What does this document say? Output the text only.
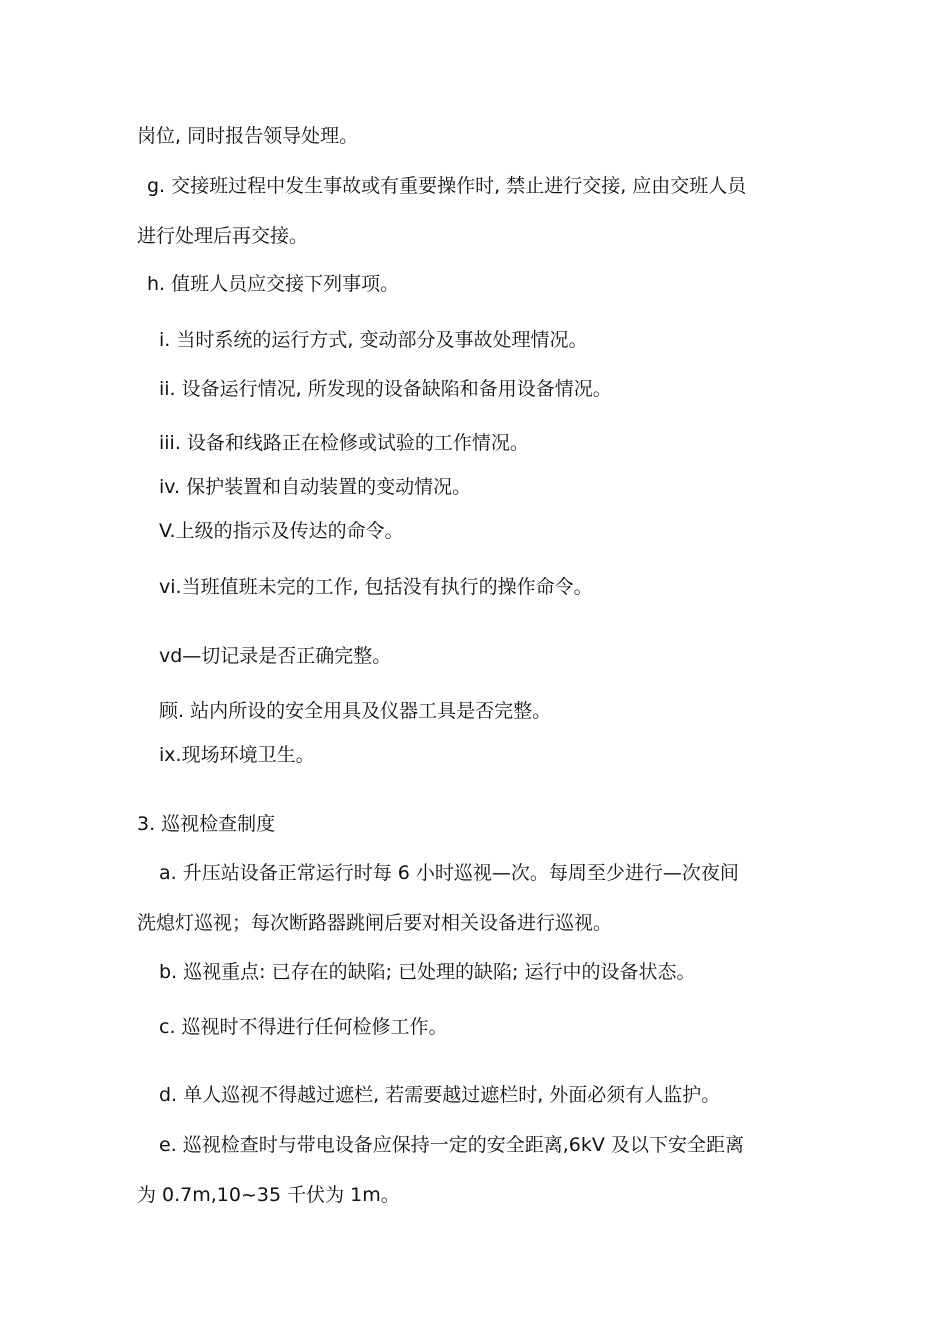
岗位, 同时报告领导处理。
g. 交接班过程中发生事故或有重要操作时, 禁止进行交接, 应由交班人员
进行处理后再交接。
h. 值班人员应交接下列事项。
i. 当时系统的运行方式, 变动部分及事故处理情况。
ii. 设备运行情况, 所发现的设备缺陷和备用设备情况。
iii. 设备和线路正在检修或试验的工作情况。
iv. 保护装置和自动装置的变动情况。
V.上级的指示及传达的命令。
vi.当班值班未完的工作, 包括没有执行的操作命令。
vd—切记录是否正确完整。
顾. 站内所设的安全用具及仪器工具是否完整。
ix.现场环境卫生。
3. 巡视检查制度
a. 升压站设备正常运行时每 6 小时巡视—次。每周至少进行—次夜间
洗熄灯巡视；每次断路器跳闸后要对相关设备进行巡视。
b. 巡视重点: 已存在的缺陷; 已处理的缺陷; 运行中的设备状态。
c. 巡视时不得进行任何检修工作。
d. 单人巡视不得越过遮栏, 若需要越过遮栏时, 外面必须有人监护。
e. 巡视检查时与带电设备应保持一定的安全距离,6kV 及以下安全距离
为 0.7m,10~35 千伏为 1m。
